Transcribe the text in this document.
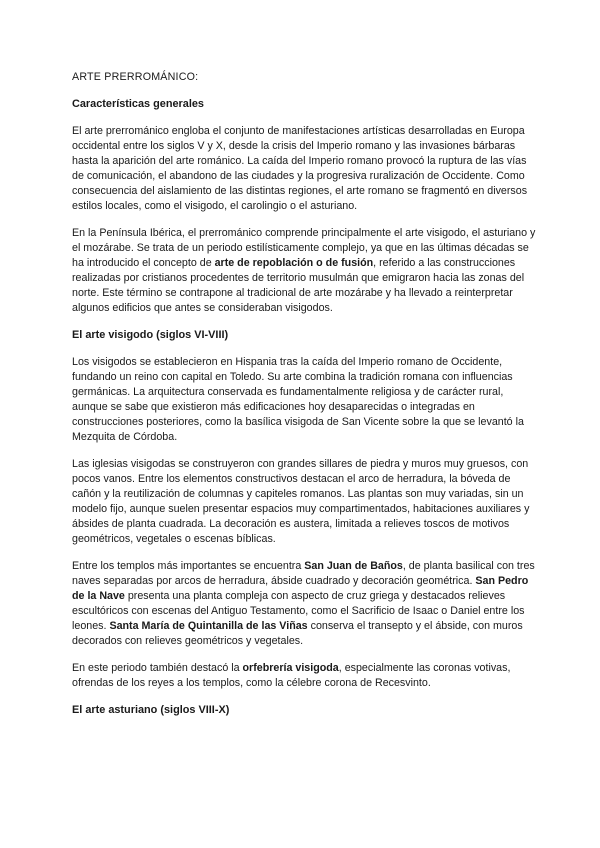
ARTE PRERROMÁNICO:
Características generales

El arte prerrománico engloba el conjunto de manifestaciones artísticas desarrolladas en Europa occidental entre los siglos V y X, desde la crisis del Imperio romano y las invasiones bárbaras hasta la aparición del arte románico. La caída del Imperio romano provocó la ruptura de las vías de comunicación, el abandono de las ciudades y la progresiva ruralización de Occidente. Como consecuencia del aislamiento de las distintas regiones, el arte romano se fragmentó en diversos estilos locales, como el visigodo, el carolingio o el asturiano.

En la Península Ibérica, el prerrománico comprende principalmente el arte visigodo, el asturiano y el mozárabe. Se trata de un periodo estilísticamente complejo, ya que en las últimas décadas se ha introducido el concepto de arte de repoblación o de fusión, referido a las construcciones realizadas por cristianos procedentes de territorio musulmán que emigraron hacia las zonas del norte. Este término se contrapone al tradicional de arte mozárabe y ha llevado a reinterpretar algunos edificios que antes se consideraban visigodos.

El arte visigodo (siglos VI-VIII)

Los visigodos se establecieron en Hispania tras la caída del Imperio romano de Occidente, fundando un reino con capital en Toledo. Su arte combina la tradición romana con influencias germánicas. La arquitectura conservada es fundamentalmente religiosa y de carácter rural, aunque se sabe que existieron más edificaciones hoy desaparecidas o integradas en construcciones posteriores, como la basílica visigoda de San Vicente sobre la que se levantó la Mezquita de Córdoba.

Las iglesias visigodas se construyeron con grandes sillares de piedra y muros muy gruesos, con pocos vanos. Entre los elementos constructivos destacan el arco de herradura, la bóveda de cañón y la reutilización de columnas y capiteles romanos. Las plantas son muy variadas, sin un modelo fijo, aunque suelen presentar espacios muy compartimentados, habitaciones auxiliares y ábsides de planta cuadrada. La decoración es austera, limitada a relieves toscos de motivos geométricos, vegetales o escenas bíblicas.

Entre los templos más importantes se encuentra San Juan de Baños, de planta basilical con tres naves separadas por arcos de herradura, ábside cuadrado y decoración geométrica. San Pedro de la Nave presenta una planta compleja con aspecto de cruz griega y destacados relieves escultóricos con escenas del Antiguo Testamento, como el Sacrificio de Isaac o Daniel entre los leones. Santa María de Quintanilla de las Viñas conserva el transepto y el ábside, con muros decorados con relieves geométricos y vegetales.

En este periodo también destacó la orfebrería visigoda, especialmente las coronas votivas, ofrendas de los reyes a los templos, como la célebre corona de Recesvinto.

El arte asturiano (siglos VIII-X)
